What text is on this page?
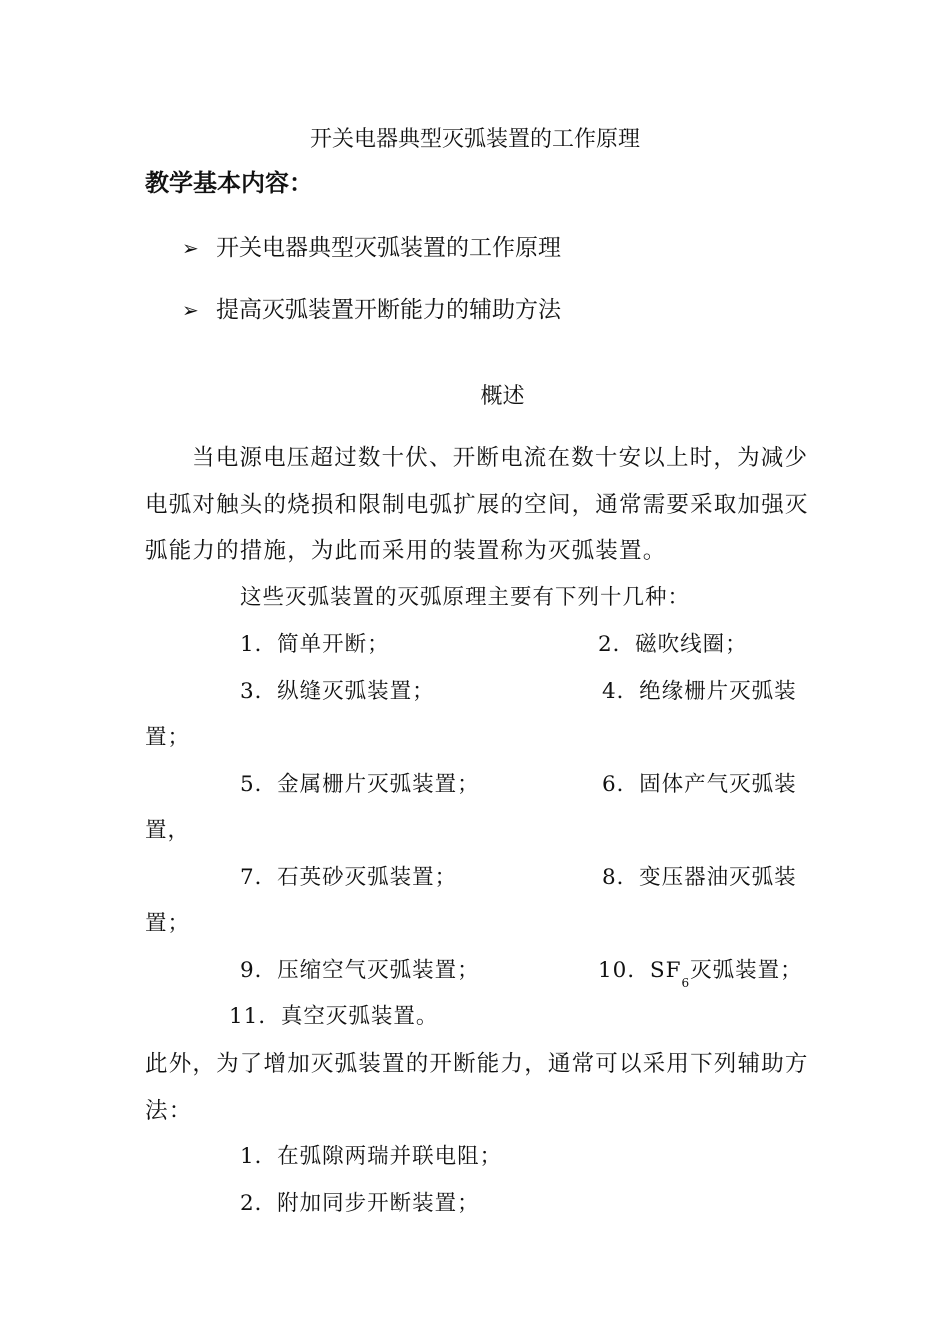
开关电器典型灭弧装置的工作原理
教学基本内容：
➢ 开关电器典型灭弧装置的工作原理
➢ 提高灭弧装置开断能力的辅助方法
概述
当电源电压超过数十伏、开断电流在数十安以上时，为减少
电弧对触头的烧损和限制电弧扩展的空间，通常需要采取加强灭
弧能力的措施，为此而采用的装置称为灭弧装置。
这些灭弧装置的灭弧原理主要有下列十几种：
1．简单开断；	2．磁吹线圈；
3．纵缝灭弧装置；	4．绝缘栅片灭弧装
置；
5．金属栅片灭弧装置；	6．固体产气灭弧装
置，
7．石英砂灭弧装置；	8．变压器油灭弧装
置；
9．压缩空气灭弧装置；	10．$SF_6$灭弧装置；
11．真空灭弧装置。
此外，为了增加灭弧装置的开断能力，通常可以采用下列辅助方
法：
1．在弧隙两瑞并联电阻；
2．附加同步开断装置；
